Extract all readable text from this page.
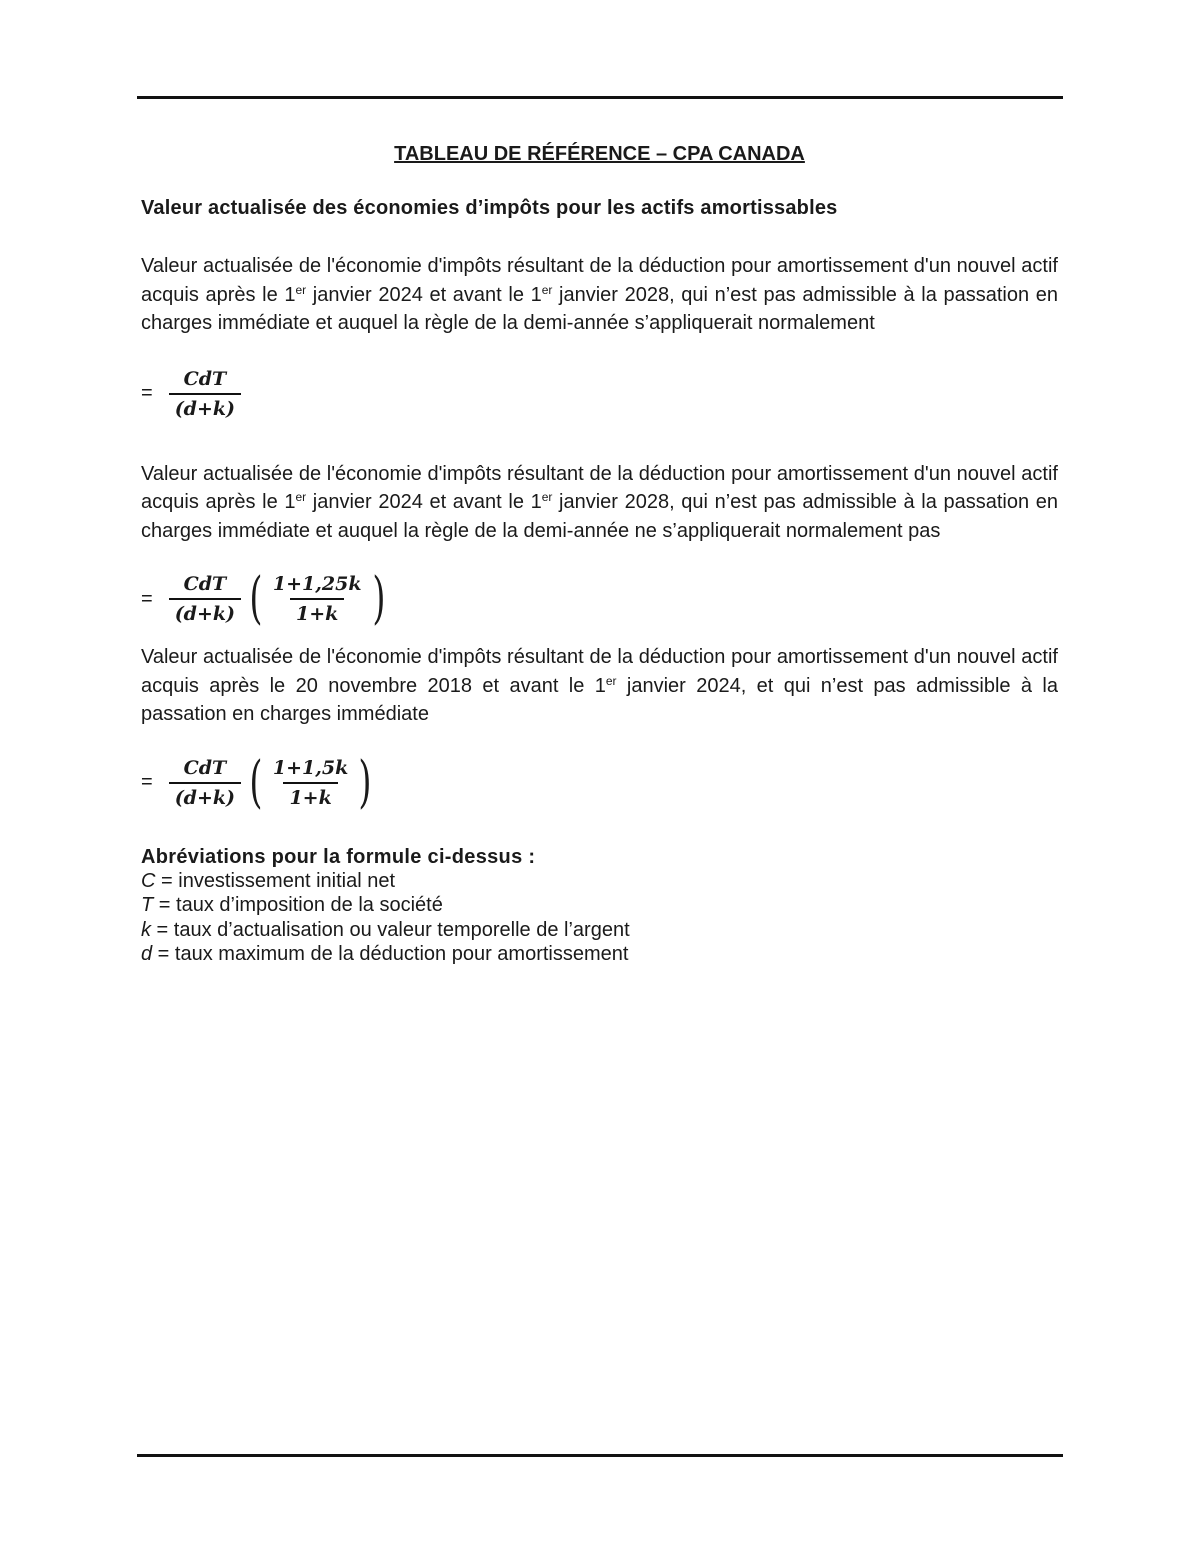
TABLEAU DE RÉFÉRENCE – CPA CANADA

Valeur actualisée des économies d’impôts pour les actifs amortissables

Valeur actualisée de l'économie d'impôts résultant de la déduction pour amortissement d'un nouvel actif acquis après le 1er janvier 2024 et avant le 1er janvier 2028, qui n’est pas admissible à la passation en charges immédiate et auquel la règle de la demi-année s’appliquerait normalement

= $\frac{\text{CdT}}{(d+k)}$

Valeur actualisée de l'économie d'impôts résultant de la déduction pour amortissement d'un nouvel actif acquis après le 1er janvier 2024 et avant le 1er janvier 2028, qui n’est pas admissible à la passation en charges immédiate et auquel la règle de la demi-année ne s’appliquerait normalement pas

= $\frac{\text{CdT}}{(d+k)}$ ( $\frac{1+1,25k}{1+k}$ )

Valeur actualisée de l'économie d'impôts résultant de la déduction pour amortissement d'un nouvel actif acquis après le 20 novembre 2018 et avant le 1er janvier 2024, et qui n’est pas admissible à la passation en charges immédiate

= $\frac{\text{CdT}}{(d+k)}$ ( $\frac{1+1,5k}{1+k}$ )

Abréviations pour la formule ci-dessus :

C = investissement initial net

T = taux d’imposition de la société

k = taux d’actualisation ou valeur temporelle de l’argent

d = taux maximum de la déduction pour amortissement
